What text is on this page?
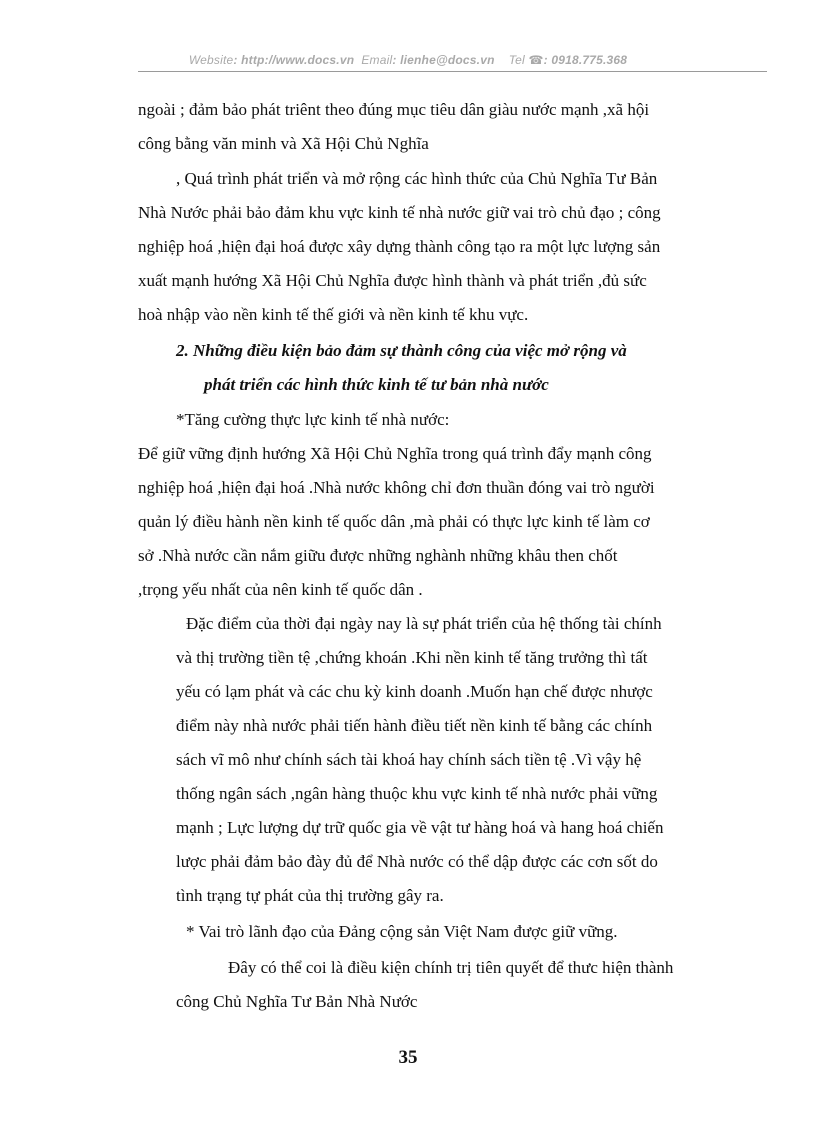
Website: http://www.docs.vn Email: lienhe@docs.vn Tel ☎: 0918.775.368
ngoài ; đảm bảo phát triênt theo đúng mục tiêu dân giàu nước mạnh ,xã hội
công bằng văn minh và Xã Hội Chủ Nghĩa
, Quá trình phát triển và mở rộng các hình thức của Chủ Nghĩa Tư Bản
Nhà Nước phải bảo đảm khu vực kinh tế nhà nước giữ vai trò chủ đạo ; công
nghiệp hoá ,hiện đại hoá được xây dựng thành công tạo ra một lực lượng sản
xuất mạnh hướng Xã Hội Chủ Nghĩa được hình thành và phát triển ,đủ sức
hoà nhập vào nền kinh tế thế giới và nền kinh tế khu vực.
2. Những điều kiện bảo đảm sự thành công của việc mở rộng và
phát triển các hình thức kinh tế tư bản nhà nước
*Tăng cường thực lực kinh tế nhà nước:
Để giữ vững định hướng Xã Hội Chủ Nghĩa trong quá trình đẩy mạnh công
nghiệp hoá ,hiện đại hoá .Nhà nước không chỉ đơn thuần đóng vai trò người
quản lý điều hành nền kinh tế quốc dân ,mà phải có thực lực kinh tế làm cơ
sở .Nhà nước cần nắm giữu được những nghành những khâu then chốt
,trọng yếu nhất của nên kinh tế quốc dân .
Đặc điểm của thời đại ngày nay là sự phát triển của hệ thống tài chính
và thị trường tiền tệ ,chứng khoán .Khi nền kinh tế tăng trưởng thì tất
yếu có lạm phát và các chu kỳ kinh doanh .Muốn hạn chế được nhược
điểm này nhà nước phải tiến hành điều tiết nền kinh tế bằng các chính
sách vĩ mô như chính sách tài khoá hay chính sách tiền tệ .Vì vậy hệ
thống ngân sách ,ngân hàng thuộc khu vực kinh tế nhà nước phải vững
mạnh ; Lực lượng dự trữ quốc gia về vật tư hàng hoá và hang hoá chiến
lược phải đảm bảo đày đủ để Nhà nước có thể dập được các cơn sốt do
tình trạng tự phát của thị trường gây ra.
* Vai trò lãnh đạo của Đảng cộng sản Việt Nam được giữ vững.
Đây có thể coi là điều kiện chính trị tiên quyết để thưc hiện thành
công Chủ Nghĩa Tư Bản Nhà Nước
35
